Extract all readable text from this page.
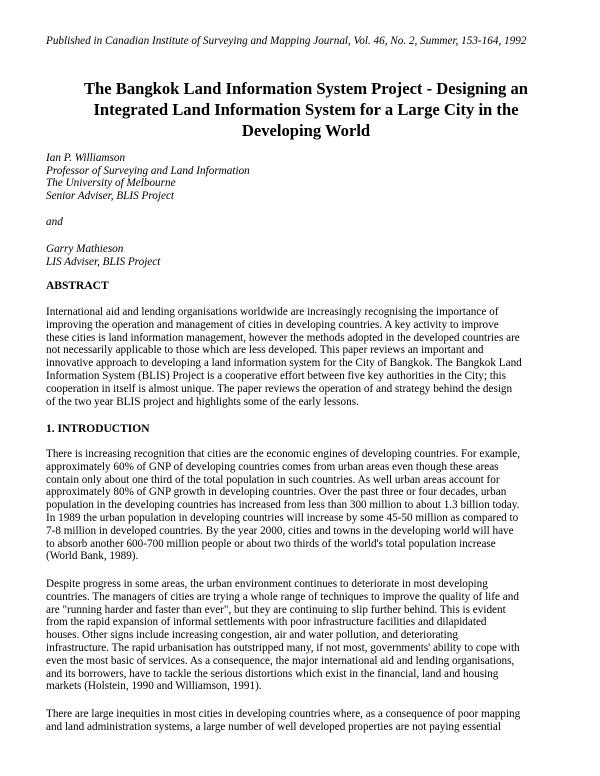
Published in Canadian Institute of Surveying and Mapping Journal, Vol. 46, No. 2, Summer, 153-164, 1992
The Bangkok Land Information System Project - Designing an
Integrated Land Information System for a Large City in the
Developing World
Ian P. Williamson
Professor of Surveying and Land Information
The University of Melbourne
Senior Adviser, BLIS Project
and
Garry Mathieson
LIS Adviser, BLIS Project
ABSTRACT
International aid and lending organisations worldwide are increasingly recognising the importance of
improving the operation and management of cities in developing countries. A key activity to improve
these cities is land information management, however the methods adopted in the developed countries are
not necessarily applicable to those which are less developed. This paper reviews an important and
innovative approach to developing a land information system for the City of Bangkok. The Bangkok Land
Information System (BLIS) Project is a cooperative effort between five key authorities in the City; this
cooperation in itself is almost unique. The paper reviews the operation of and strategy behind the design
of the two year BLIS project and highlights some of the early lessons.
1. INTRODUCTION
There is increasing recognition that cities are the economic engines of developing countries. For example,
approximately 60% of GNP of developing countries comes from urban areas even though these areas
contain only about one third of the total population in such countries. As well urban areas account for
approximately 80% of GNP growth in developing countries. Over the past three or four decades, urban
population in the developing countries has increased from less than 300 million to about 1.3 billion today.
In 1989 the urban population in developing countries will increase by some 45-50 million as compared to
7-8 million in developed countries. By the year 2000, cities and towns in the developing world will have
to absorb another 600-700 million people or about two thirds of the world's total population increase
(World Bank, 1989).
Despite progress in some areas, the urban environment continues to deteriorate in most developing
countries. The managers of cities are trying a whole range of techniques to improve the quality of life and
are "running harder and faster than ever", but they are continuing to slip further behind. This is evident
from the rapid expansion of informal settlements with poor infrastructure facilities and dilapidated
houses. Other signs include increasing congestion, air and water pollution, and deteriorating
infrastructure. The rapid urbanisation has outstripped many, if not most, governments' ability to cope with
even the most basic of services. As a consequence, the major international aid and lending organisations,
and its borrowers, have to tackle the serious distortions which exist in the financial, land and housing
markets (Holstein, 1990 and Williamson, 1991).
There are large inequities in most cities in developing countries where, as a consequence of poor mapping
and land administration systems, a large number of well developed properties are not paying essential
